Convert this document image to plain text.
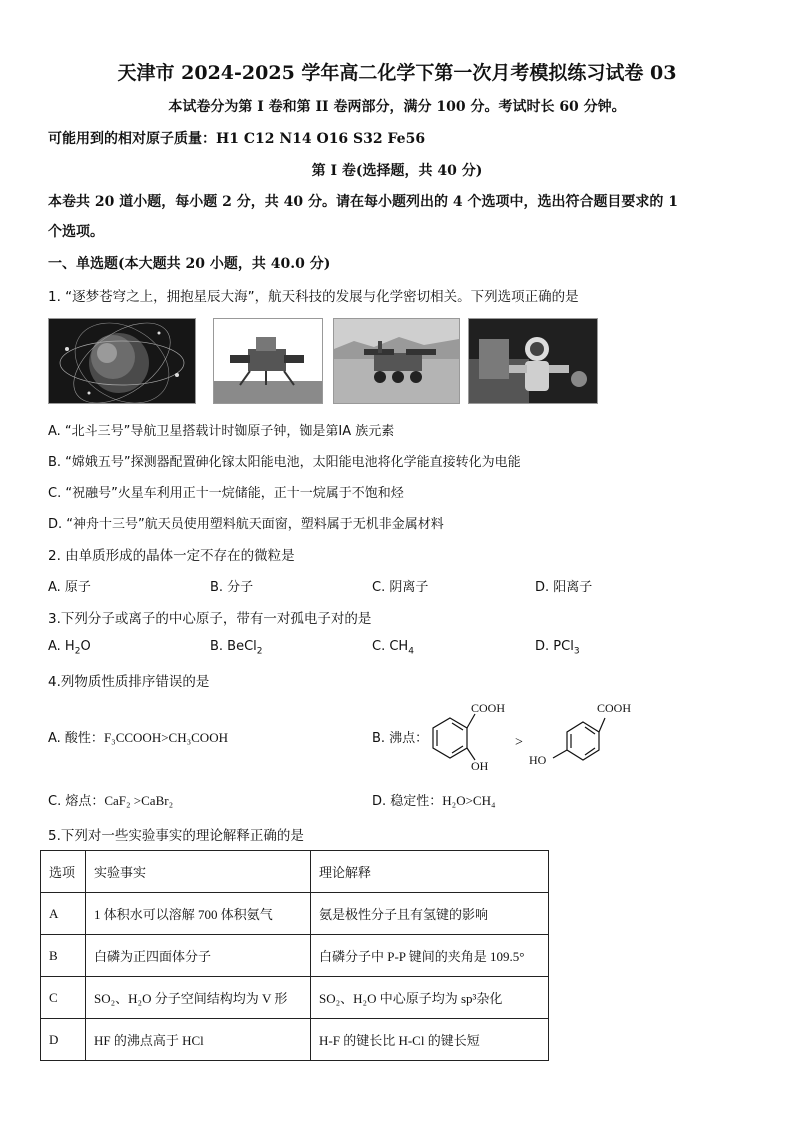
天津市 2024-2025 学年高二化学下第一次月考模拟练习试卷 03
本试卷分为第 I 卷和第 II 卷两部分，满分 100 分。考试时长 60 分钟。
可能用到的相对原子质量：H1 C12 N14 O16 S32 Fe56
第 I 卷(选择题，共 40 分)
本卷共 20 道小题，每小题 2 分，共 40 分。请在每小题列出的 4 个选项中，选出符合题目要求的 1
个选项。
一、单选题(本大题共 20 小题，共 40.0 分)
1. “逐梦苍穹之上，拥抱星辰大海”，航天科技的发展与化学密切相关。下列选项正确的是
A. “北斗三号”导航卫星搭载计时铷原子钟，铷是第ⅠA 族元素
B. “嫦娥五号”探测器配置砷化镓太阳能电池，太阳能电池将化学能直接转化为电能
C. “祝融号”火星车利用正十一烷储能，正十一烷属于不饱和烃
D. “神舟十三号”航天员使用塑料航天面窗，塑料属于无机非金属材料
2. 由单质形成的晶体一定不存在的微粒是
A. 原子	B. 分子	C. 阴离子	D. 阳离子
3.下列分子或离子的中心原子，带有一对孤电子对的是
A. $H_2O$	B. BeCl$_2$	C. $CH_4$	D. PCl$_3$
4.列物质性质排序错误的是
A. 酸性：F₃CCOOH>CH₃COOH	B. 沸点：
COOH
OH
>
COOH
HO
C. 熔点：CaF₂ >CaBr₂	D. 稳定性：H₂O>CH₄
5.下列对一些实验事实的理论解释正确的是
选项	实验事实	理论解释
A	1 体积水可以溶解 700 体积氨气	氨是极性分子且有氢键的影响
B	白磷为正四面体分子	白磷分子中 P-P 键间的夹角是 109.5°
C	SO₂、H₂O 分子空间结构均为 V 形	SO₂、H₂O 中心原子均为 sp³杂化
D	HF 的沸点高于 HCl	H-F 的键长比 H-Cl 的键长短
